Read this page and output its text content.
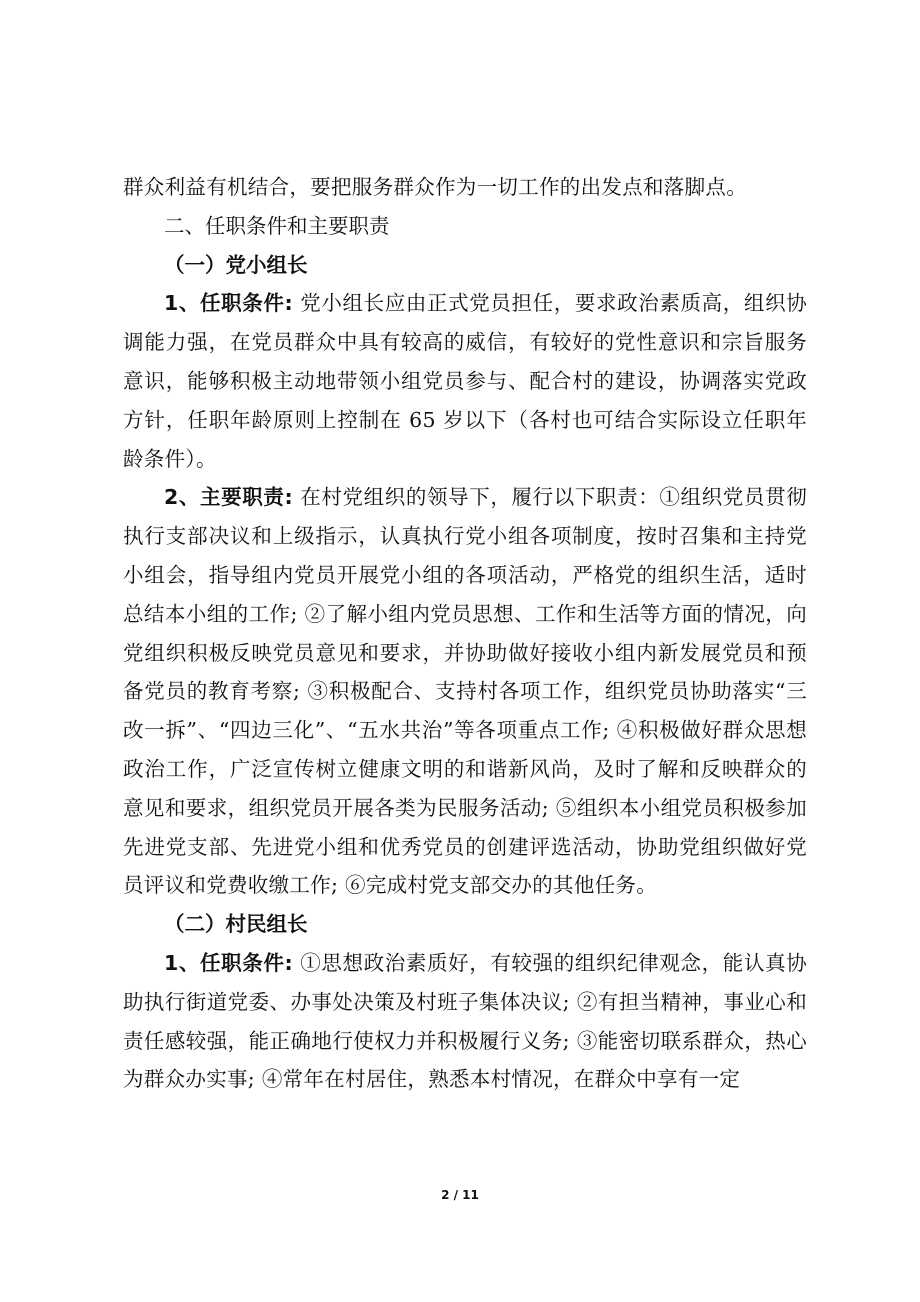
群众利益有机结合，要把服务群众作为一切工作的出发点和落脚点。

二、任职条件和主要职责

（一）党小组长

1、任职条件: 党小组长应由正式党员担任，要求政治素质高，组织协调能力强，在党员群众中具有较高的威信，有较好的党性意识和宗旨服务意识，能够积极主动地带领小组党员参与、配合村的建设，协调落实党政方针，任职年龄原则上控制在 65 岁以下（各村也可结合实际设立任职年龄条件）。

2、主要职责: 在村党组织的领导下，履行以下职责：①组织党员贯彻执行支部决议和上级指示，认真执行党小组各项制度，按时召集和主持党小组会，指导组内党员开展党小组的各项活动，严格党的组织生活，适时总结本小组的工作; ②了解小组内党员思想、工作和生活等方面的情况，向党组织积极反映党员意见和要求，并协助做好接收小组内新发展党员和预备党员的教育考察; ③积极配合、支持村各项工作，组织党员协助落实“三改一拆”、“四边三化”、“五水共治”等各项重点工作; ④积极做好群众思想政治工作，广泛宣传树立健康文明的和谐新风尚，及时了解和反映群众的意见和要求，组织党员开展各类为民服务活动; ⑤组织本小组党员积极参加先进党支部、先进党小组和优秀党员的创建评选活动，协助党组织做好党员评议和党费收缴工作; ⑥完成村党支部交办的其他任务。

（二）村民组长

1、任职条件: ①思想政治素质好，有较强的组织纪律观念，能认真协助执行街道党委、办事处决策及村班子集体决议; ②有担当精神，事业心和责任感较强，能正确地行使权力并积极履行义务; ③能密切联系群众，热心为群众办实事; ④常年在村居住，熟悉本村情况，在群众中享有一定

2 / 11
